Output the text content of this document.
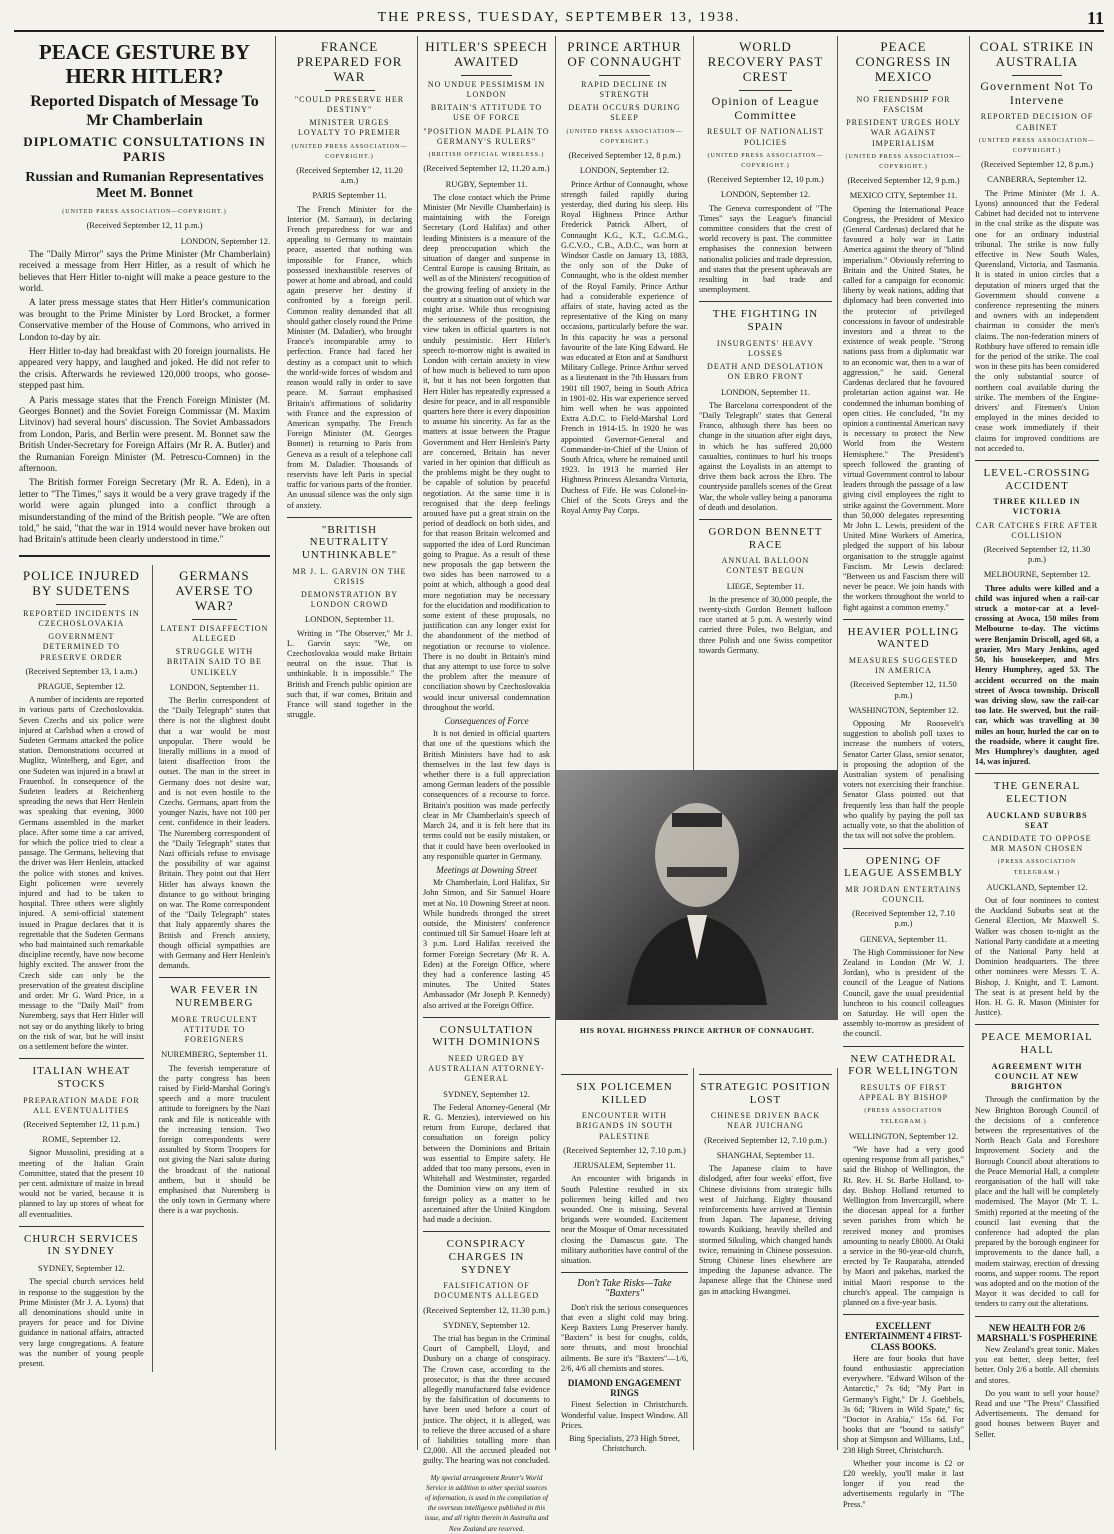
THE PRESS, TUESDAY, SEPTEMBER 13, 1938.	11
PEACE GESTURE BY HERR HITLER?
Reported Dispatch of Message To Mr Chamberlain
DIPLOMATIC CONSULTATIONS IN PARIS
Russian and Rumanian Representatives Meet M. Bonnet
(UNITED PRESS ASSOCIATION—COPYRIGHT.)
(Received September 12, 11 p.m.)
LONDON, September 12.

The "Daily Mirror" says the Prime Minister (Mr Chamberlain) received a message from Herr Hitler, as a result of which he believes that Herr Hitler to-night will make a peace gesture to the world.

A later press message states that Herr Hitler's communication was brought to the Prime Minister by Lord Brocket, a former Conservative member of the House of Commons, who arrived in London to-day by air.

Herr Hitler to-day had breakfast with 20 foreign journalists. He appeared very happy, and laughed and joked. He did not refer to the crisis. Afterwards he reviewed 120,000 troops, who goose-stepped past him.

A Paris message states that the French Foreign Minister (M. Georges Bonnet) and the Soviet Foreign Commissar (M. Maxim Litvinov) had several hours' discussion. The Soviet Ambassadors from London, Paris, and Berlin were present. M. Bonnet saw the British Under-Secretary for Foreign Affairs (Mr R. A. Butler) and the Rumanian Foreign Minister (M. Petrescu-Comnen) in the afternoon.

The British former Foreign Secretary (Mr R. A. Eden), in a letter to "The Times," says it would be a very grave tragedy if the world were again plunged into a conflict through a misunderstanding of the mind of the British people. "We are often told," he said, "that the war in 1914 would never have broken out had Britain's attitude been clearly understood in time."

POLICE INJURED BY SUDETENS
REPORTED INCIDENTS IN CZECHOSLOVAKIA
GOVERNMENT DETERMINED TO PRESERVE ORDER
(Received September 13, 1 a.m.)
PRAGUE, September 12.

A number of incidents are reported in various parts of Czechoslovakia. Seven Czechs and six police were injured at Carlsbad when a crowd of Sudeten Germans attacked the police station. Demonstrations occurred at Muglitz, Wintelberg, and Eger, and one Sudeten was injured in a brawl at Frauenhof. In consequence of the Sudeten leaders at Reichenberg spreading the news that Herr Henlein was speaking that evening, 3000 Germans assembled in the market place. After some time a car arrived, for which the police tried to clear a passage. The Germans, believing that the driver was Herr Henlein, attacked the police with stones and knives. Eight policemen were severely injured and had to be taken to hospital. Three others were slightly injured. A semi-official statement issued in Prague declares that it is regrettable that the Sudeten Germans who had maintained such remarkable discipline recently, have now become highly excited. The answer from the Czech side can only be the preservation of the greatest discipline and order. Mr G. Ward Price, in a message to the "Daily Mail" from Nuremberg, says that Herr Hitler will not say or do anything likely to bring on the risk of war, but he will insist on a settlement before the winter.

ITALIAN WHEAT STOCKS
PREPARATION MADE FOR ALL EVENTUALITIES
(Received September 12, 11 p.m.)
ROME, September 12.

Signor Mussolini, presiding at a meeting of the Italian Grain Committee, stated that the present 10 per cent. admixture of maize in bread would not be varied, because it is planned to lay up stores of wheat for all eventualities.

CHURCH SERVICES IN SYDNEY
SYDNEY, September 12.

The special church services held in response to the suggestion by the Prime Minister (Mr J. A. Lyons) that all denominations should unite in prayers for peace and for Divine guidance in national affairs, attracted very large congregations. A feature was the number of young people present.

GERMANS AVERSE TO WAR?
LATENT DISAFFECTION ALLEGED
STRUGGLE WITH BRITAIN SAID TO BE UNLIKELY
LONDON, September 11.

The Berlin correspondent of the "Daily Telegraph" states that there is not the slightest doubt that a war would be most unpopular. There would be literally millions in a mood of latent disaffection from the outset. The man in the street in Germany does not desire war, and is not even hostile to the Czechs. Germans, apart from the younger Nazis, have not 100 per cent. confidence in their leaders. The Nuremberg correspondent of the "Daily Telegraph" states that Nazi officials refuse to envisage the possibility of war against Britain. They point out that Herr Hitler has always known the distance to go without bringing on war. The Rome correspondent of the "Daily Telegraph" states that Italy apparently shares the British and French anxiety, though official sympathies are with Germany and Herr Henlein's demands.

WAR FEVER IN NUREMBERG
MORE TRUCULENT ATTITUDE TO FOREIGNERS
NUREMBERG, September 11.

The feverish temperature of the party congress has been raised by Field-Marshal Goring's speech and a more truculent attitude to foreigners by the Nazi rank and file is noticeable with the increasing tension. Two foreign correspondents were assaulted by Storm Troopers for not giving the Nazi salute during the broadcast of the national anthem, but it should be emphasised that Nuremberg is the only town in Germany where there is a war psychosis.

FRANCE PREPARED FOR WAR
"COULD PRESERVE HER DESTINY"
MINISTER URGES LOYALTY TO PREMIER
(UNITED PRESS ASSOCIATION—COPYRIGHT.)
(Received September 12, 11.20 a.m.)
PARIS September 11.

The French Minister for the Interior (M. Sarraut), in declaring French preparedness for war and appealing to Germany to maintain peace, asserted that nothing was impossible for France, which possessed inexhaustible reserves of power at home and abroad, and could again preserve her destiny if confronted by a foreign peril. Common reality demanded that all should gather closely round the Prime Minister (M. Daladier), who brought France's incomparable army to perfection. France had faced her destiny as a compact unit to which the world-wide forces of wisdom and reason would rally in order to save peace. M. Sarraut emphasised Britain's affirmations of solidarity with France and the expression of American sympathy. The French Foreign Minister (M. Georges Bonnet) is returning to Paris from Geneva as a result of a telephone call from M. Daladier. Thousands of reservists have left Paris in special traffic for various parts of the frontier. An unusual silence was the only sign of anxiety.

"BRITISH NEUTRALITY UNTHINKABLE"
MR J. L. GARVIN ON THE CRISIS
DEMONSTRATION BY LONDON CROWD
LONDON, September 11.

Writing in "The Observer," Mr J. L. Garvin says: "We, on Czechoslovakia would make Britain neutral on the issue. That is unthinkable. It is impossible." The British and French public opinion are such that, if war comes, Britain and France will stand together in the struggle.

HITLER'S SPEECH AWAITED
NO UNDUE PESSIMISM IN LONDON
BRITAIN'S ATTITUDE TO USE OF FORCE
"POSITION MADE PLAIN TO GERMANY'S RULERS"
(BRITISH OFFICIAL WIRELESS.)
(Received September 12, 11.20 a.m.)
RUGBY, September 11.

The close contact which the Prime Minister (Mr Neville Chamberlain) is maintaining with the Foreign Secretary (Lord Halifax) and other leading Ministers is a measure of the deep preoccupation which the situation of danger and suspense in Central Europe is causing Britain, as well as of the Ministers' recognition of the growing feeling of anxiety in the country at a situation out of which war might arise. While thus recognising the seriousness of the position, the view taken in official quarters is not unduly pessimistic. Herr Hitler's speech to-morrow night is awaited in London with certain anxiety in view of how much is believed to turn upon it, but it has not been forgotten that Herr Hitler has repeatedly expressed a desire for peace, and in all responsible quarters here there is every disposition to assume his sincerity. As far as the matters at issue between the Prague Government and Herr Henlein's Party are concerned, Britain has never varied in her opinion that difficult as the problems might be they ought to be capable of solution by peaceful negotiation. At the same time it is recognised that the deep feelings aroused have put a great strain on the period of deadlock on both sides, and for that reason Britain welcomed and supported the idea of Lord Runciman going to Prague. As a result of these new proposals the gap between the two sides has been narrowed to a point at which, although a good deal more negotiation may be necessary for the elucidation and modification to some extent of these proposals, no justification can any longer exist for the abandonment of the method of negotiation or recourse to violence. There is no doubt in Britain's mind that any attempt to use force to solve the problem after the measure of conciliation shown by Czechoslovakia would incur universal condemnation throughout the world.

Consequences of Force

It is not denied in official quarters that one of the questions which the British Ministers have had to ask themselves in the last few days is whether there is a full appreciation among German leaders of the possible consequences of a recourse to force. Britain's position was made perfectly clear in Mr Chamberlain's speech of March 24, and it is felt here that its terms could not be easily mistaken, or that it could have been overlooked in any responsible quarter in Germany.

Meetings at Downing Street

Mr Chamberlain, Lord Halifax, Sir John Simon, and Sir Samuel Hoare met at No. 10 Downing Street at noon. While hundreds thronged the street outside, the Ministers' conference continued till Sir Samuel Hoare left at 3 p.m. Lord Halifax received the former Foreign Secretary (Mr R. A. Eden) at the Foreign Office, where they had a conference lasting 45 minutes. The United States Ambassador (Mr Joseph P. Kennedy) also arrived at the Foreign Office.

CONSULTATION WITH DOMINIONS
NEED URGED BY AUSTRALIAN ATTORNEY-GENERAL
SYDNEY, September 12.

The Federal Attorney-General (Mr R. G. Menzies), interviewed on his return from Europe, declared that consultation on foreign policy between the Dominions and Britain was essential to Empire safety. He added that too many persons, even in Whitehall and Westminster, regarded the Dominion view on any item of foreign policy as a matter to be ascertained after the United Kingdom had made a decision.

CONSPIRACY CHARGES IN SYDNEY
FALSIFICATION OF DOCUMENTS ALLEGED
(Received September 12, 11.30 p.m.)
SYDNEY, September 12.

The trial has begun in the Criminal Court of Campbell, Lloyd, and Dusbury on a charge of conspiracy. The Crown case, according to the prosecutor, is that the three accused allegedly manufactured false evidence by the falsification of documents to have been used before a court of justice. The object, it is alleged, was to relieve the three accused of a share of liabilities totalling more than £2,000. All the accused pleaded not guilty. The hearing was not concluded.

My special arrangement Reuter's World Service in addition to other special sources of information, is used in the compilation of the overseas intelligence published in this issue, and all rights therein in Australia and New Zealand are reserved.
PRINCE ARTHUR OF CONNAUGHT
RAPID DECLINE IN STRENGTH
DEATH OCCURS DURING SLEEP
(UNITED PRESS ASSOCIATION—COPYRIGHT.)
(Received September 12, 8 p.m.)
LONDON, September 12.

Prince Arthur of Connaught, whose strength failed rapidly during yesterday, died during his sleep. His Royal Highness Prince Arthur Frederick Patrick Albert, of Connaught K.G., K.T., G.C.M.G., G.C.V.O., C.B., A.D.C., was born at Windsor Castle on January 13, 1883, the only son of the Duke of Connaught, who is the oldest member of the Royal Family. Prince Arthur had a considerable experience of affairs of state, having acted as the representative of the King on many occasions, particularly before the war. In this capacity he was a personal favourite of the late King Edward. He was educated at Eton and at Sandhurst Military College. Prince Arthur served as a lieutenant in the 7th Hussars from 1901 till 1907, being in South Africa in 1901-02. His war experience served him well when he was appointed Extra A.D.C. to Field-Marshal Lord French in 1914-15. In 1920 he was appointed Governor-General and Commander-in-Chief of the Union of South Africa, where he remained until 1923. In 1913 he married Her Highness Princess Alexandra Victoria, Duchess of Fife. He was Colonel-in-Chief of the Scots Greys and the Royal Army Pay Corps.

HIS ROYAL HIGHNESS PRINCE ARTHUR OF CONNAUGHT.
SIX POLICEMEN KILLED
ENCOUNTER WITH BRIGANDS IN SOUTH PALESTINE
(Received September 12, 7.10 p.m.)
JERUSALEM, September 11.

An encounter with brigands in South Palestine resulted in six policemen being killed and two wounded. One is missing. Several brigands were wounded. Excitement near the Mosque of Omar necessitated closing the Damascus gate. The military authorities have control of the situation.

Don't Take Risks—Take "Baxters"

Don't risk the serious consequences that even a slight cold may bring. Keep Baxters Lung Preserver handy. "Baxters" is best for coughs, colds, sore throats, and most bronchial ailments. Be sure it's "Baxters"—1/6, 2/6, 4/6 all chemists and stores.

DIAMOND ENGAGEMENT RINGS

Finest Selection in Christchurch. Wonderful value. Inspect Window. All Prices.

Bing Specialists, 273 High Street, Christchurch.

WORLD RECOVERY PAST CREST
Opinion of League Committee
RESULT OF NATIONALIST POLICIES
(UNITED PRESS ASSOCIATION—COPYRIGHT.)
(Received September 12, 10 p.m.)
LONDON, September 12.

The Geneva correspondent of "The Times" says the League's financial committee considers that the crest of world recovery is past. The committee emphasises the connexion between nationalist policies and trade depression, and states that the present upheavals are resulting in bad trade and unemployment.

THE FIGHTING IN SPAIN
INSURGENTS' HEAVY LOSSES
DEATH AND DESOLATION ON EBRO FRONT
LONDON, September 11.

The Barcelona correspondent of the "Daily Telegraph" states that General Franco, although there has been no change in the situation after eight days, in which he has suffered 20,000 casualties, continues to hurl his troops against the Loyalists in an attempt to drive them back across the Ebro. The countryside parallels scenes of the Great War, the whole valley being a panorama of death and desolation.

GORDON BENNETT RACE
ANNUAL BALLOON CONTEST BEGUN
LIEGE, September 11.

In the presence of 30,000 people, the twenty-sixth Gordon Bennett balloon race started at 5 p.m. A westerly wind carried three Poles, two Belgian, and three Polish and one Swiss competitor towards Germany.

STRATEGIC POSITION LOST
CHINESE DRIVEN BACK NEAR JUICHANG
(Received September 12, 7.10 p.m.)
SHANGHAI, September 11.

The Japanese claim to have dislodged, after four weeks' effort, five Chinese divisions from strategic hills west of Juichang. Eighty thousand reinforcements have arrived at Tientsin from Japan. The Japanese, driving towards Kuikiang, heavily shelled and stormed Sikuling, which changed hands twice, remaining in Chinese possession. Strong Chinese lines elsewhere are impeding the Japanese advance. The Japanese allege that the Chinese used gas in attacking Hwangmei.

PEACE CONGRESS IN MEXICO
NO FRIENDSHIP FOR FASCISM
PRESIDENT URGES HOLY WAR AGAINST IMPERIALISM
(UNITED PRESS ASSOCIATION—COPYRIGHT.)
(Received September 12, 9 p.m.)
MEXICO CITY, September 11.

Opening the International Peace Congress, the President of Mexico (General Cardenas) declared that he favoured a holy war in Latin America against the theory of "blind imperialism." Obviously referring to Britain and the United States, he called for a campaign for economic liberty by weak nations, adding that diplomacy had been converted into the protector of privileged concessions in favour of undesirable investors and a threat to the existence of weak people. "Strong nations pass from a diplomatic war to an economic war, then to a war of aggression," he said. General Cardenas declared that he favoured proletarian action against war. He condemned the inhuman bombing of open cities. He concluded, "In my opinion a continental American navy is necessary to protect the New World from the Western Hemisphere." The President's speech followed the granting of virtual Government control to labour leaders through the passage of a law giving civil employees the right to strike against the Government. More than 50,000 delegates representing Mr John L. Lewis, president of the United Mine Workers of America, pledged the support of his labour organisation to the struggle against Fascism. Mr Lewis declared: "Between us and Fascism there will never be peace. We join hands with the workers throughout the world to fight against a common enemy."

HEAVIER POLLING WANTED
MEASURES SUGGESTED IN AMERICA
(Received September 12, 11.50 p.m.)
WASHINGTON, September 12.

Opposing Mr Roosevelt's suggestion to abolish poll taxes to increase the numbers of voters, Senator Carter Glass, senior senator, is proposing the adoption of the Australian system of penalising voters not exercising their franchise. Senator Glass pointed out that frequently less than half the people who qualify by paying the poll tax actually vote, so that the abolition of the tax will not solve the problem.

OPENING OF LEAGUE ASSEMBLY
MR JORDAN ENTERTAINS COUNCIL
(Received September 12, 7.10 p.m.)
GENEVA, September 11.

The High Commissioner for New Zealand in London (Mr W. J. Jordan), who is president of the council of the League of Nations Council, gave the usual presidential luncheon to his council colleagues on Saturday. He will open the assembly to-morrow as president of the council.

NEW CATHEDRAL FOR WELLINGTON
RESULTS OF FIRST APPEAL BY BISHOP
(PRESS ASSOCIATION TELEGRAM.)
WELLINGTON, September 12.

"We have had a very good opening response from all parishes," said the Bishop of Wellington, the Rt. Rev. H. St. Barbe Holland, to-day. Bishop Holland returned to Wellington from Invercargill, where the diocesan appeal for a further seven parishes from which he received money and promises amounting to nearly £8000. At Otaki a service in the 90-year-old church, erected by Te Rauparaha, attended by Maori and pakehas, marked the initial Maori response to the church's appeal. The campaign is planned on a five-year basis.

EXCELLENT ENTERTAINMENT 4 FIRST-CLASS BOOKS.

Here are four books that have found enthusiastic appreciation everywhere. "Edward Wilson of the Antarctic," 7s 6d; "My Part in Germany's Fight," Dr J. Goebbels, 3s 6d; "Rivers in Wild Spate," 6s; "Doctor in Arabia," 15s 6d. For books that are "bound to satisfy" shop at Simpson and Williams, Ltd., 238 High Street, Christchurch.

Whether your income is £2 or £20 weekly, you'll make it last longer if you read the advertisements regularly in "The Press."

COAL STRIKE IN AUSTRALIA
Government Not To Intervene
REPORTED DECISION OF CABINET
(UNITED PRESS ASSOCIATION—COPYRIGHT.)
(Received September 12, 8 p.m.)
CANBERRA, September 12.

The Prime Minister (Mr J. A. Lyons) announced that the Federal Cabinet had decided not to intervene in the coal strike as the dispute was one for an ordinary industrial tribunal. The strike is now fully effective in New South Wales, Queensland, Victoria, and Tasmania. It is stated in union circles that a deputation of miners urged that the Government should convene a conference representing the miners and owners with an independent chairman to consider the men's claims. The non-federation miners of Rothbury have offered to remain idle for the period of the strike. The coal won in these pits has been considered the only substantial source of northern coal available during the strike. The members of the Engine-drivers' and Firemen's Union employed in the mines decided to cease work immediately if their claims for improved conditions are not acceded to.

LEVEL-CROSSING ACCIDENT
THREE KILLED IN VICTORIA
CAR CATCHES FIRE AFTER COLLISION
(Received September 12, 11.30 p.m.)
MELBOURNE, September 12.

Three adults were killed and a child was injured when a rail-car struck a motor-car at a level-crossing at Avoca, 150 miles from Melbourne to-day. The victims were Benjamin Driscoll, aged 68, a grazier, Mrs Mary Jenkins, aged 50, his housekeeper, and Mrs Henry Humphrey, aged 53. The accident occurred on the main street of Avoca township. Driscoll was driving slow, saw the rail-car too late. He swerved, but the rail-car, which was travelling at 30 miles an hour, hurled the car on to the roadside, where it caught fire. Mrs Humphrey's daughter, aged 14, was injured.

THE GENERAL ELECTION
AUCKLAND SUBURBS SEAT
CANDIDATE TO OPPOSE MR MASON CHOSEN
(PRESS ASSOCIATION TELEGRAM.)
AUCKLAND, September 12.

Out of four nominees to contest the Auckland Suburbs seat at the General Election, Mr Maxwell S. Walker was chosen to-night as the National Party candidate at a meeting of the National Party held at Dominion headquarters. The three other nominees were Messrs T. A. Bishop, J. Knight, and T. Lamont. The seat is at present held by the Hon. H. G. R. Mason (Minister for Justice).

PEACE MEMORIAL HALL
AGREEMENT WITH COUNCIL AT NEW BRIGHTON

Through the confirmation by the New Brighton Borough Council of the decisions of a conference between the representatives of the North Beach Gala and Foreshore Improvement Society and the Borough Council about alterations to the Peace Memorial Hall, a complete reorganisation of the hall will take place and the hall will be completely modernised. The Mayor (Mr T. L. Smith) reported at the meeting of the council last evening that the conference had adopted the plan prepared by the borough engineer for improvements to the dance hall, a modern stairway, erection of dressing rooms, and supper rooms. The report was adopted and on the motion of the Mayor it was decided to call for tenders to carry out the alterations.

NEW HEALTH FOR 2/6 MARSHALL'S FOSPHERINE

New Zealand's great tonic. Makes you eat better, sleep better, feel better. Only 2/6 a bottle. All chemists and stores.

Do you want to sell your house? Read and use "The Press" Classified Advertisements. The demand for good houses between Buyer and Seller.
